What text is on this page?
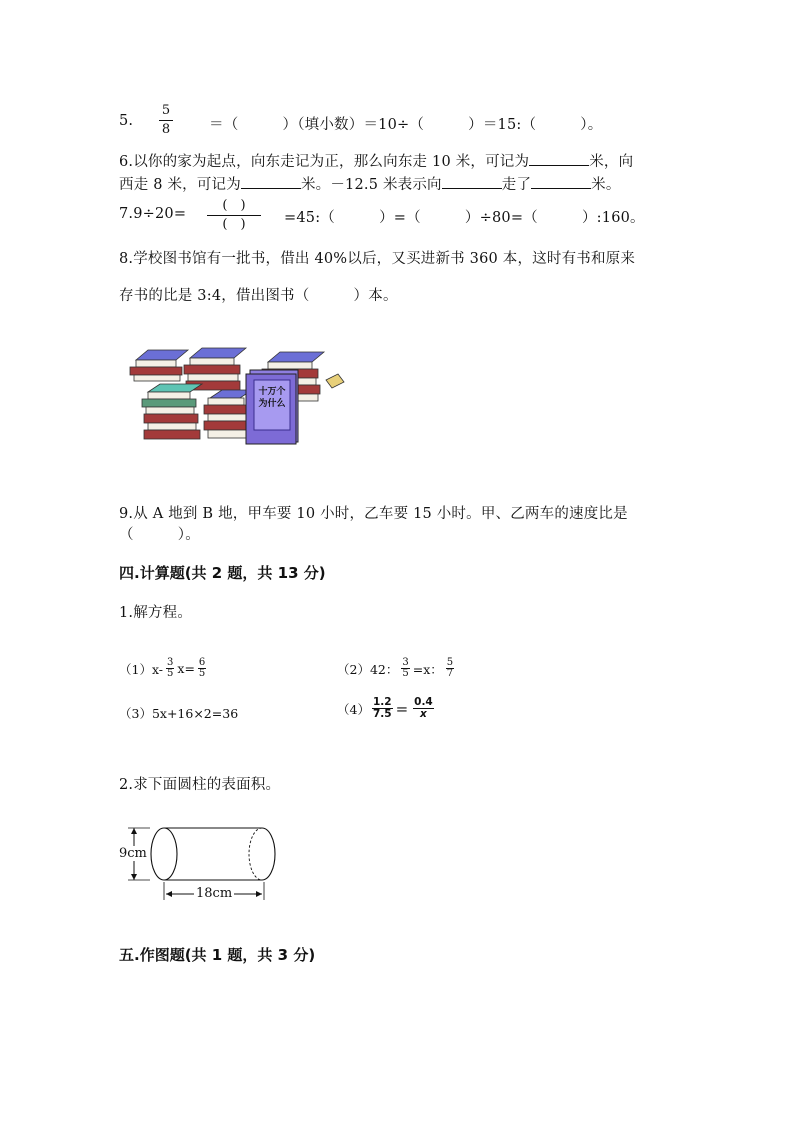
5.
5
8	＝（　　　）（填小数）＝10÷（　　　）＝15:（　　　）。
6.以你的家为起点，向东走记为正，那么向东走 10 米，可记为	米，向
西走 8 米，可记为	米。－12.5 米表示向	走了	米。
7.9÷20=
(　)
(　)	=45:（　　　）=（　　　）÷80=（　　　）:160。
8.学校图书馆有一批书，借出 40%以后，又买进新书 360 本，这时有书和原来
存书的比是 3:4，借出图书（　　　）本。
十万个
为什么
9.从 A 地到 B 地，甲车要 10 小时，乙车要 15 小时。甲、乙两车的速度比是
（　　　）。
四.计算题(共 2 题，共 13 分)
1.解方程。
$(1)x- \frac{3}{5} x= \frac{6}{5}$	（2）42： $\frac{3}{5} =x$： $\frac{5}{7}$
（3）5x+16×2=36	$(4) \frac{1.2}{7.5} = \frac{0.4}{x}$
2.求下面圆柱的表面积。
9cm
18cm
五.作图题(共 1 题，共 3 分)
